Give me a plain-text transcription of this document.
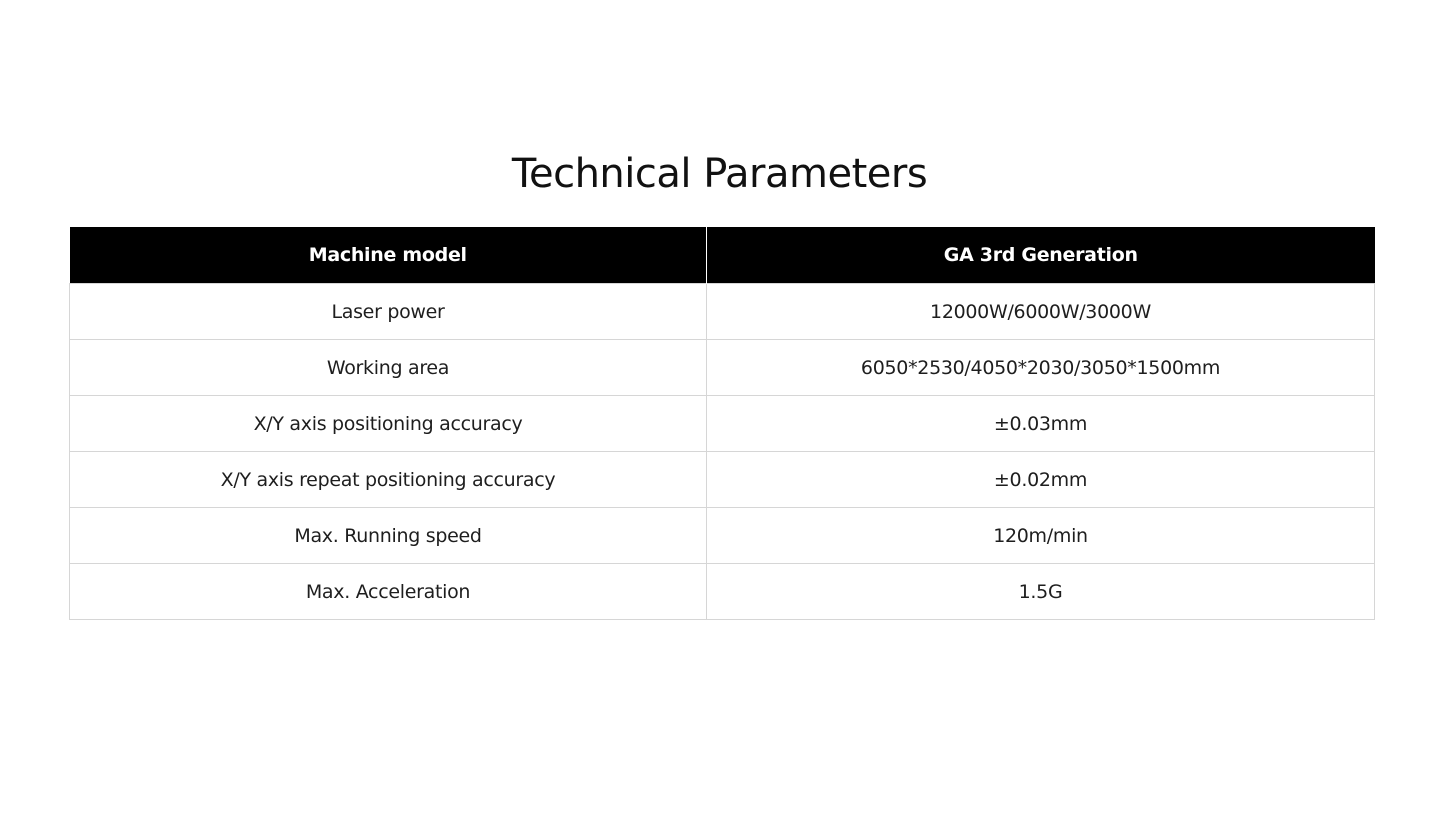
Technical Parameters
Machine model	GA 3rd Generation
Laser power	12000W/6000W/3000W
Working area	6050*2530/4050*2030/3050*1500mm
X/Y axis positioning accuracy	±0.03mm
X/Y axis repeat positioning accuracy	±0.02mm
Max. Running speed	120m/min
Max. Acceleration	1.5G
